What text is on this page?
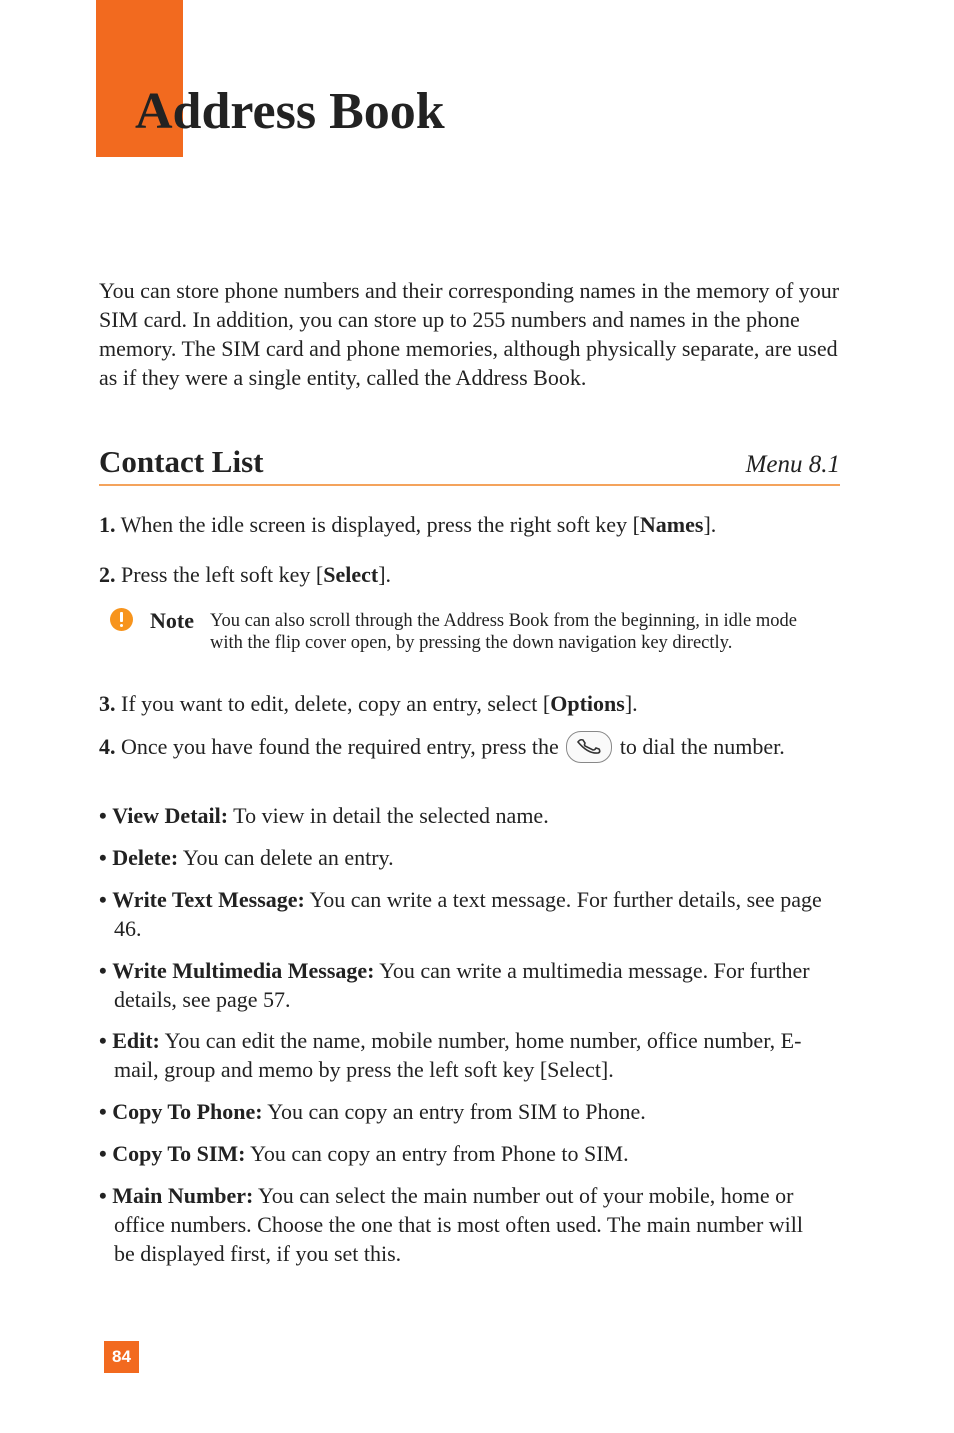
Address Book

You can store phone numbers and their corresponding names in the memory of your SIM card. In addition, you can store up to 255 numbers and names in the phone memory. The SIM card and phone memories, although physically separate, are used as if they were a single entity, called the Address Book.

Contact List	Menu 8.1

1. When the idle screen is displayed, press the right soft key [Names].

2. Press the left soft key [Select].

Note You can also scroll through the Address Book from the beginning, in idle mode with the flip cover open, by pressing the down navigation key directly.

3. If you want to edit, delete, copy an entry, select [Options].

4. Once you have found the required entry, press the
to dial the number.

• View Detail: To view in detail the selected name.

• Delete: You can delete an entry.

• Write Text Message: You can write a text message. For further details, see page 46.

• Write Multimedia Message: You can write a multimedia message. For further details, see page 57.

• Edit: You can edit the name, mobile number, home number, office number, E-mail, group and memo by press the left soft key [Select].

• Copy To Phone: You can copy an entry from SIM to Phone.

• Copy To SIM: You can copy an entry from Phone to SIM.

• Main Number: You can select the main number out of your mobile, home or office numbers. Choose the one that is most often used. The main number will be displayed first, if you set this.

84
